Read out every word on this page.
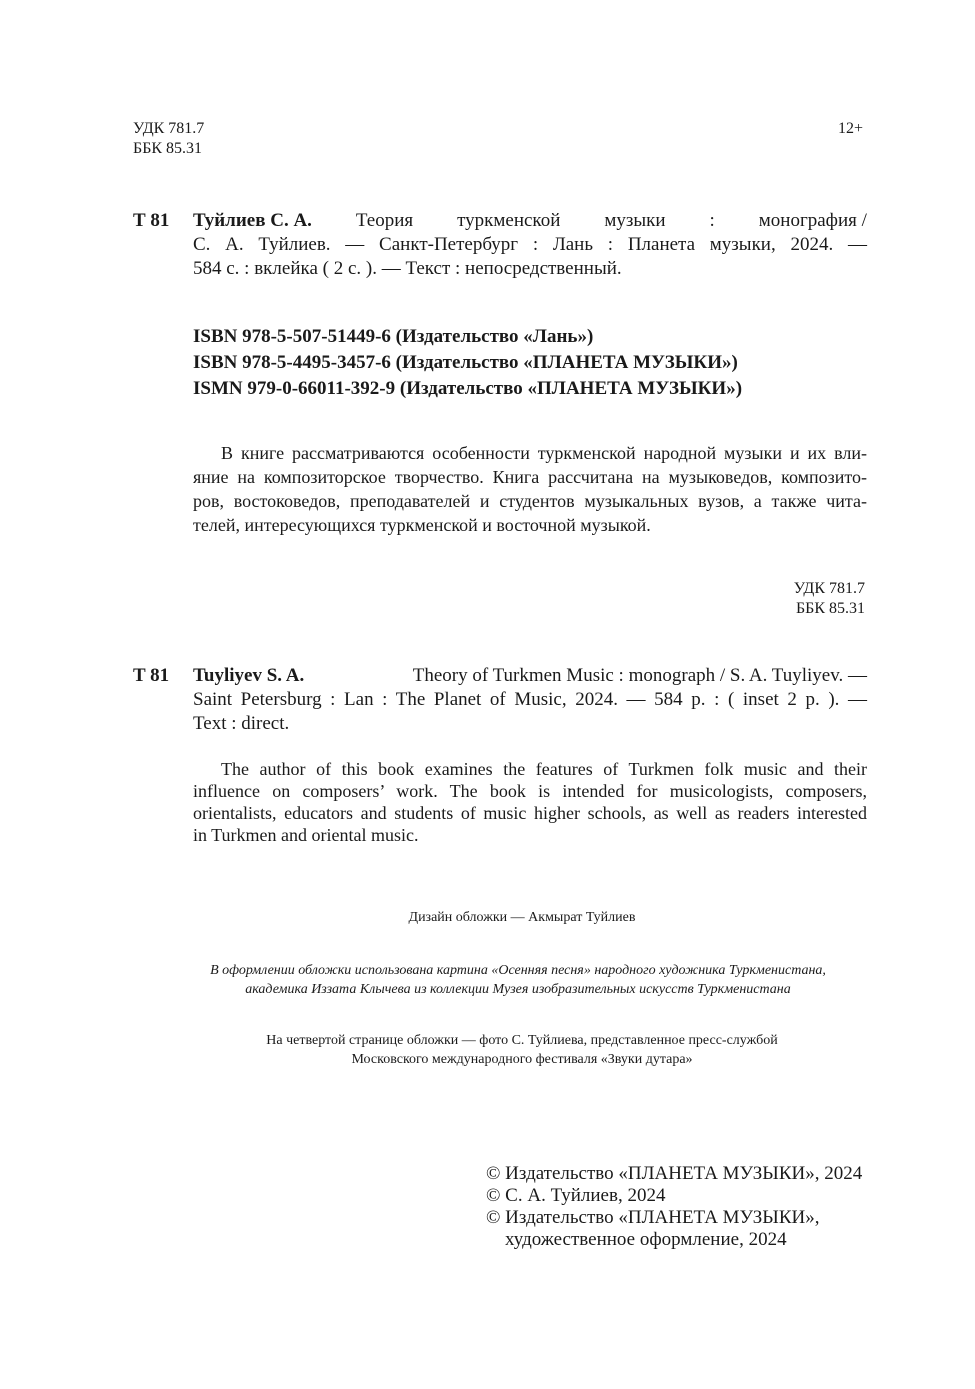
УДК 781.7
ББК 85.31
12+
Т 81 Туйлиев С. А. Теория туркменской музыки : монография /
С. А. Туйлиев. — Санкт-Петербург : Лань : Планета музыки, 2024. —
584 с. : вклейка ( 2 с. ). — Текст : непосредственный.
ISBN 978-5-507-51449-6 (Издательство «Лань»)
ISBN 978-5-4495-3457-6 (Издательство «ПЛАНЕТА МУЗЫКИ»)
ISMN 979-0-66011-392-9 (Издательство «ПЛАНЕТА МУЗЫКИ»)
В книге рассматриваются особенности туркменской народной музыки и их вли-
яние на композиторское творчество. Книга рассчитана на музыковедов, композито-
ров, востоковедов, преподавателей и студентов музыкальных вузов, а также чита-
телей, интересующихся туркменской и восточной музыкой.
УДК 781.7
ББК 85.31
T 81 Tuyliyev S. A.	Theory of Turkmen Music : monograph / S. A. Tuyliyev. —
Saint Petersburg : Lan : The Planet of Music, 2024. — 584 p. : ( inset 2 p. ). —
Text : direct.
The author of this book examines the features of Turkmen folk music and their
influence on composers’ work. The book is intended for musicologists, composers,
orientalists, educators and students of music higher schools, as well as readers interested
in Turkmen and oriental music.
Дизайн обложки — Акмырат Туйлиев
В оформлении обложки использована картина «Осенняя песня» народного художника Туркменистана,
академика Иззата Клычева из коллекции Музея изобразительных искусств Туркменистана
На четвертой странице обложки — фото С. Туйлиева, представленное пресс-службой
Московского международного фестиваля «Звуки дутара»
© Издательство «ПЛАНЕТА МУЗЫКИ», 2024
© С. А. Туйлиев, 2024
© Издательство «ПЛАНЕТА МУЗЫКИ»,
художественное оформление, 2024
